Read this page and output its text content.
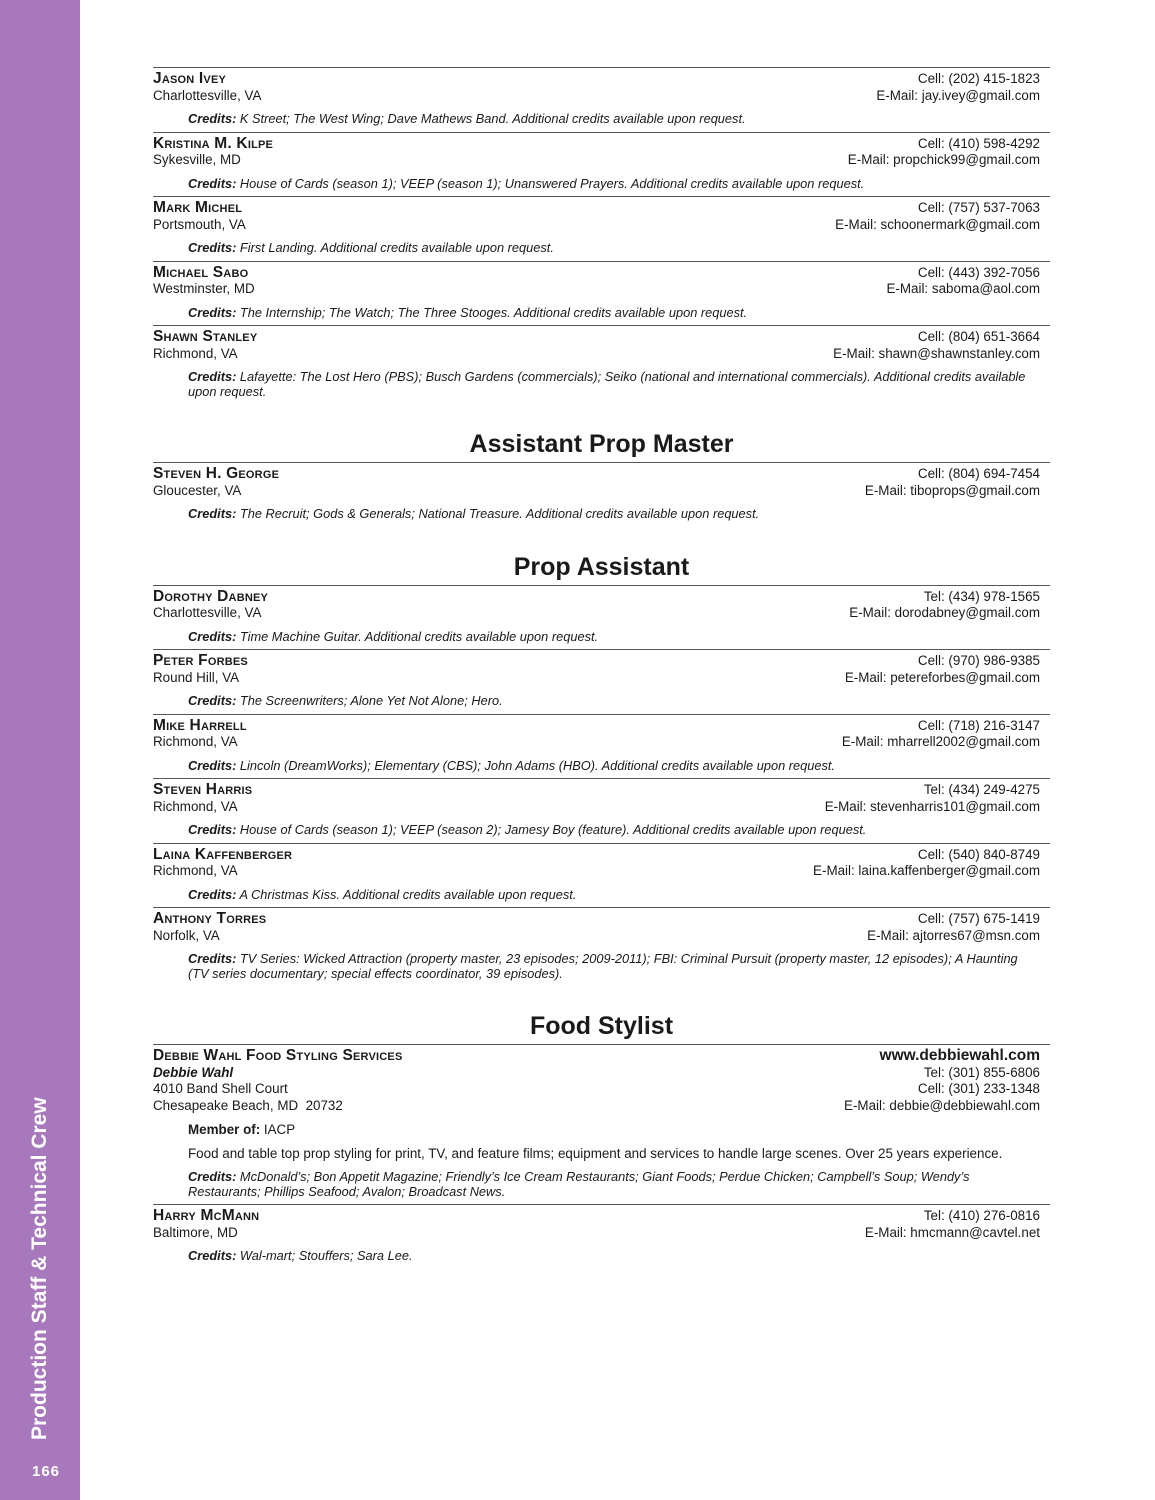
Production Staff & Technical Crew
166
Jason Ivey	Cell: (202) 415-1823
Charlottesville, VA	E-Mail: jay.ivey@gmail.com
Credits: K Street; The West Wing; Dave Mathews Band. Additional credits available upon request.
Kristina M. Kilpe	Cell: (410) 598-4292
Sykesville, MD	E-Mail: propchick99@gmail.com
Credits: House of Cards (season 1); VEEP (season 1); Unanswered Prayers. Additional credits available upon request.
Mark Michel	Cell: (757) 537-7063
Portsmouth, VA	E-Mail: schoonermark@gmail.com
Credits: First Landing. Additional credits available upon request.
Michael Sabo	Cell: (443) 392-7056
Westminster, MD	E-Mail: saboma@aol.com
Credits: The Internship; The Watch; The Three Stooges. Additional credits available upon request.
Shawn Stanley	Cell: (804) 651-3664
Richmond, VA	E-Mail: shawn@shawnstanley.com
Credits: Lafayette: The Lost Hero (PBS); Busch Gardens (commercials); Seiko (national and international commercials). Additional credits available upon request.
Assistant Prop Master
Steven H. George	Cell: (804) 694-7454
Gloucester, VA	E-Mail: tiboprops@gmail.com
Credits: The Recruit; Gods & Generals; National Treasure. Additional credits available upon request.
Prop Assistant
Dorothy Dabney	Tel: (434) 978-1565
Charlottesville, VA	E-Mail: dorodabney@gmail.com
Credits: Time Machine Guitar. Additional credits available upon request.
Peter Forbes	Cell: (970) 986-9385
Round Hill, VA	E-Mail: petereforbes@gmail.com
Credits: The Screenwriters; Alone Yet Not Alone; Hero.
Mike Harrell	Cell: (718) 216-3147
Richmond, VA	E-Mail: mharrell2002@gmail.com
Credits: Lincoln (DreamWorks); Elementary (CBS); John Adams (HBO). Additional credits available upon request.
Steven Harris	Tel: (434) 249-4275
Richmond, VA	E-Mail: stevenharris101@gmail.com
Credits: House of Cards (season 1); VEEP (season 2); Jamesy Boy (feature). Additional credits available upon request.
Laina Kaffenberger	Cell: (540) 840-8749
Richmond, VA	E-Mail: laina.kaffenberger@gmail.com
Credits: A Christmas Kiss. Additional credits available upon request.
Anthony Torres	Cell: (757) 675-1419
Norfolk, VA	E-Mail: ajtorres67@msn.com
Credits: TV Series: Wicked Attraction (property master, 23 episodes; 2009-2011); FBI: Criminal Pursuit (property master, 12 episodes); A Haunting (TV series documentary; special effects coordinator, 39 episodes).
Food Stylist
Debbie Wahl Food Styling Services	www.debbiewahl.com
Debbie Wahl	Tel: (301) 855-6806
4010 Band Shell Court	Cell: (301) 233-1348
Chesapeake Beach, MD  20732	E-Mail: debbie@debbiewahl.com
Member of: IACP
Food and table top prop styling for print, TV, and feature films; equipment and services to handle large scenes. Over 25 years experience.
Credits: McDonald’s; Bon Appetit Magazine; Friendly’s Ice Cream Restaurants; Giant Foods; Perdue Chicken; Campbell’s Soup; Wendy’s Restaurants; Phillips Seafood; Avalon; Broadcast News.
Harry McMann	Tel: (410) 276-0816
Baltimore, MD	E-Mail: hmcmann@cavtel.net
Credits: Wal-mart; Stouffers; Sara Lee.
